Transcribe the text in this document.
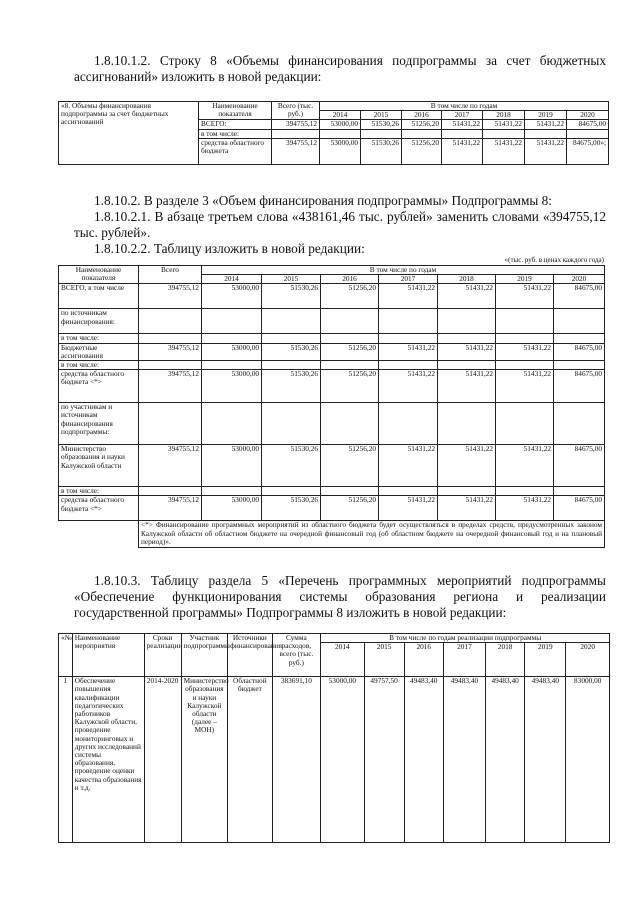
1.8.10.1.2. Строку 8 «Объемы финансирования подпрограммы за счет бюджетных ассигнований» изложить в новой редакции:
«8. Объемы финансирования подпрограммы за счет бюджетных ассигнований	Наименование показателя	Всего (тыс. руб.)	В том числе по годам						
			2014	2015	2016	2017	2018	2019	2020
	ВСЕГО:	394755,12	53000,00	51530,26	51256,20	51431,22	51431,22	51431,22	84675,00
	в том числе:								
	средства областного бюджета	394755,12	53000,00	51530,26	51256,20	51431,22	51431,22	51431,22	84675,00»;
1.8.10.2. В разделе 3 «Объем финансирования подпрограммы» Подпрограммы 8:
1.8.10.2.1. В абзаце третьем слова «438161,46 тыс. рублей» заменить словами «394755,12 тыс. рублей».
1.8.10.2.2. Таблицу изложить в новой редакции:
«(тыс. руб. в ценах каждого года)
Наименование показателя	Всего	В том числе по годам						
		2014	2015	2016	2017	2018	2019	2020
ВСЕГО, в том числе	394755,12	53000,00	51530,26	51256,20	51431,22	51431,22	51431,22	84675,00
по источникам финансирования:								
в том числе:								
Бюджетные ассигнования	394755,12	53000,00	51530,26	51256,20	51431,22	51431,22	51431,22	84675,00
в том числе:								
средства областного бюджета <*>	394755,12	53000,00	51530,26	51256,20	51431,22	51431,22	51431,22	84675,00
по участникам и источникам финансирования подпрограммы:								
Министерство образования и науки Калужской области	394755,12	53000,00	51530,26	51256,20	51431,22	51431,22	51431,22	84675,00
в том числе:								
средства областного бюджета <*>	394755,12	53000,00	51530,26	51256,20	51431,22	51431,22	51431,22	84675,00
	<*> Финансирование программных мероприятий из областного бюджета будет осуществляться в пределах средств, предусмотренных законом Калужской области об областном бюджете на очередной финансовый год (об областном бюджете на очередной финансовый год и на плановый период)».							
1.8.10.3. Таблицу раздела 5 «Перечень программных мероприятий подпрограммы «Обеспечение функционирования системы образования региона и реализации государственной программы» Подпрограммы 8 изложить в новой редакции:
«№	Наименование мероприятия	Сроки реализации	Участник подпрограммы	Источники финансирования	Сумма расходов, всего (тыс. руб.)	В том числе по годам реализации подпрограммы						
						2014	2015	2016	2017	2018	2019	2020
1	Обеспечение повышения квалификации педагогических работников Калужской области, проведение мониторинговых и других исследований системы образования, проведение оценки качества образования и т.д.	2014-2020	Министерство образования и науки Калужской области (далее – МОН)	Областной бюджет	383691,10	53000,00	49757,50	49483,40	49483,40	49483,40	49483,40	83000,00
